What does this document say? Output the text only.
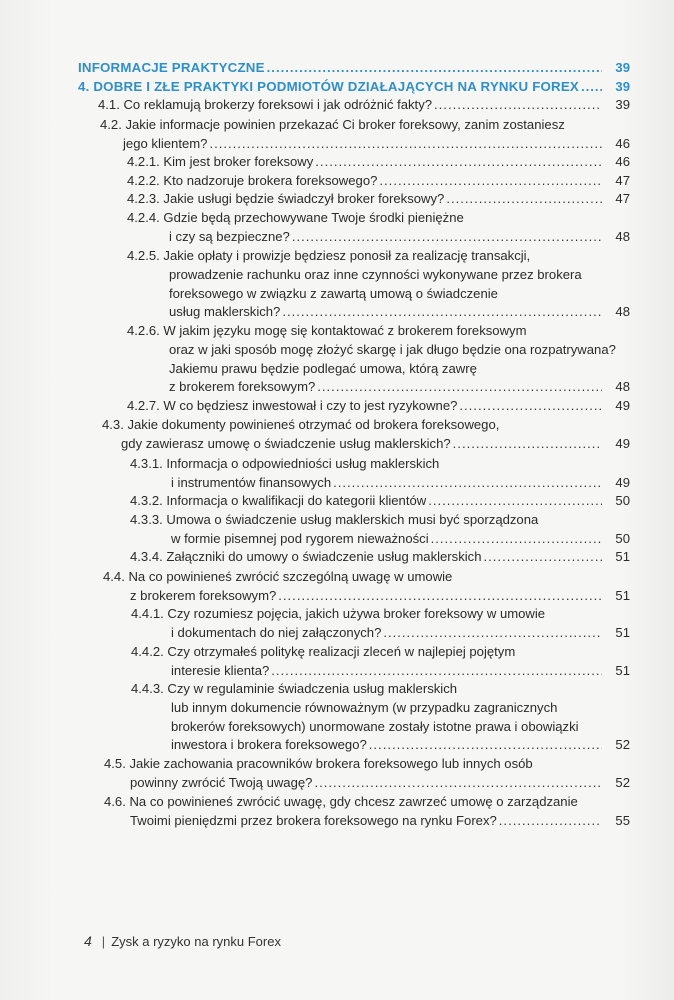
INFORMACJE PRAKTYCZNE .....	39
4. DOBRE I ZŁE PRAKTYKI PODMIOTÓW DZIAŁAJĄCYCH NA RYNKU FOREX .....	39
4.1. Co reklamują brokerzy foreksowi i jak odróżnić fakty? .....	39
4.2. Jakie informacje powinien przekazać Ci broker foreksowy, zanim zostaniesz
jego klientem? .....	46
4.2.1. Kim jest broker foreksowy .....	46
4.2.2. Kto nadzoruje brokera foreksowego? .....	47
4.2.3. Jakie usługi będzie świadczył broker foreksowy? .....	47
4.2.4. Gdzie będą przechowywane Twoje środki pieniężne
i czy są bezpieczne? .....	48
4.2.5. Jakie opłaty i prowizje będziesz ponosił za realizację transakcji,
prowadzenie rachunku oraz inne czynności wykonywane przez brokera
foreksowego w związku z zawartą umową o świadczenie
usług maklerskich? .....	48
4.2.6. W jakim języku mogę się kontaktować z brokerem foreksowym
oraz w jaki sposób mogę złożyć skargę i jak długo będzie ona rozpatrywana?
Jakiemu prawu będzie podlegać umowa, którą zawrę
z brokerem foreksowym? .....	48
4.2.7. W co będziesz inwestował i czy to jest ryzykowne? .....	49
4.3. Jakie dokumenty powinieneś otrzymać od brokera foreksowego,
gdy zawierasz umowę o świadczenie usług maklerskich? .....	49
4.3.1. Informacja o odpowiedniości usług maklerskich
i instrumentów finansowych .....	49
4.3.2. Informacja o kwalifikacji do kategorii klientów .....	50
4.3.3. Umowa o świadczenie usług maklerskich musi być sporządzona
w formie pisemnej pod rygorem nieważności .....	50
4.3.4. Załączniki do umowy o świadczenie usług maklerskich .....	51
4.4. Na co powinieneś zwrócić szczególną uwagę w umowie
z brokerem foreksowym? .....	51
4.4.1. Czy rozumiesz pojęcia, jakich używa broker foreksowy w umowie
i dokumentach do niej załączonych? .....	51
4.4.2. Czy otrzymałeś politykę realizacji zleceń w najlepiej pojętym
interesie klienta? .....	51
4.4.3. Czy w regulaminie świadczenia usług maklerskich
lub innym dokumencie równoważnym (w przypadku zagranicznych
brokerów foreksowych) unormowane zostały istotne prawa i obowiązki
inwestora i brokera foreksowego? .....	52
4.5. Jakie zachowania pracowników brokera foreksowego lub innych osób
powinny zwrócić Twoją uwagę? .....	52
4.6. Na co powinieneś zwrócić uwagę, gdy chcesz zawrzeć umowę o zarządzanie
Twoimi pieniędzmi przez brokera foreksowego na rynku Forex? .....	55
4 | Zysk a ryzyko na rynku Forex
